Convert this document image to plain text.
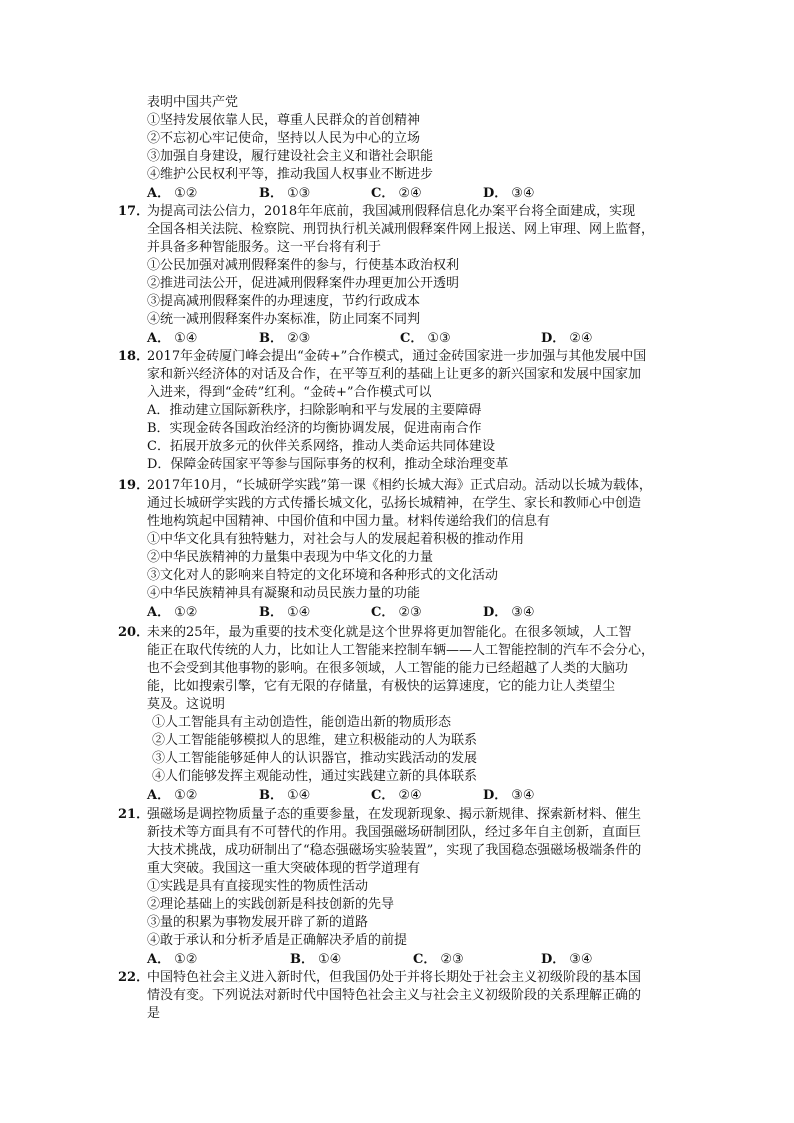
表明中国共产党
①坚持发展依靠人民，尊重人民群众的首创精神
②不忘初心牢记使命，坚持以人民为中心的立场
③加强自身建设，履行建设社会主义和谐社会职能
④维护公民权利平等，推动我国人权事业不断进步
A． ①②	B． ①③	C． ②④	D． ③④
17．
为提高司法公信力，2018年年底前，我国减刑假释信息化办案平台将全面建成，实现
全国各相关法院、检察院、刑罚执行机关减刑假释案件网上报送、网上审理、网上监督，
并具备多种智能服务。这一平台将有利于
①公民加强对减刑假释案件的参与，行使基本政治权利
②推进司法公开，促进减刑假释案件办理更加公开透明
③提高减刑假释案件的办理速度，节约行政成本
④统一减刑假释案件办案标准，防止同案不同判
A． ①④	B． ②③	C． ①③	D． ②④
18．
2017年金砖厦门峰会提出“金砖+”合作模式，通过金砖国家进一步加强与其他发展中国
家和新兴经济体的对话及合作，在平等互利的基础上让更多的新兴国家和发展中国家加
入进来，得到“金砖”红利。“金砖+”合作模式可以
A．推动建立国际新秩序，扫除影响和平与发展的主要障碍
B．实现金砖各国政治经济的均衡协调发展，促进南南合作
C．拓展开放多元的伙伴关系网络，推动人类命运共同体建设
D．保障金砖国家平等参与国际事务的权利，推动全球治理变革
19．
2017年10月，“长城研学实践”第一课《相约长城大海》正式启动。活动以长城为载体，
通过长城研学实践的方式传播长城文化，弘扬长城精神，在学生、家长和教师心中创造
性地构筑起中国精神、中国价值和中国力量。材料传递给我们的信息有
①中华文化具有独特魅力，对社会与人的发展起着积极的推动作用
②中华民族精神的力量集中表现为中华文化的力量
③文化对人的影响来自特定的文化环境和各种形式的文化活动
④中华民族精神具有凝聚和动员民族力量的功能
A． ①②	B． ①④	C． ②③	D． ③④
20．
未来的25年，最为重要的技术变化就是这个世界将更加智能化。在很多领域，人工智
能正在取代传统的人力，比如让人工智能来控制车辆——人工智能控制的汽车不会分心，
也不会受到其他事物的影响。在很多领域，人工智能的能力已经超越了人类的大脑功
能，比如搜索引擎，它有无限的存储量，有极快的运算速度，它的能力让人类望尘
莫及。这说明
①人工智能具有主动创造性，能创造出新的物质形态
②人工智能能够模拟人的思维，建立积极能动的人为联系
③人工智能能够延伸人的认识器官，推动实践活动的发展
④人们能够发挥主观能动性，通过实践建立新的具体联系
A． ①②	B． ①④	C． ②④	D． ③④
21．
强磁场是调控物质量子态的重要参量，在发现新现象、揭示新规律、探索新材料、催生
新技术等方面具有不可替代的作用。我国强磁场研制团队，经过多年自主创新，直面巨
大技术挑战，成功研制出了“稳态强磁场实验装置”，实现了我国稳态强磁场极端条件的
重大突破。我国这一重大突破体现的哲学道理有
①实践是具有直接现实性的物质性活动
②理论基础上的实践创新是科技创新的先导
③量的积累为事物发展开辟了新的道路
④敢于承认和分析矛盾是正确解决矛盾的前提
A． ①②	B． ①④	C． ②③	D． ③④
22．
中国特色社会主义进入新时代，但我国仍处于并将长期处于社会主义初级阶段的基本国
情没有变。下列说法对新时代中国特色社会主义与社会主义初级阶段的关系理解正确的
是
